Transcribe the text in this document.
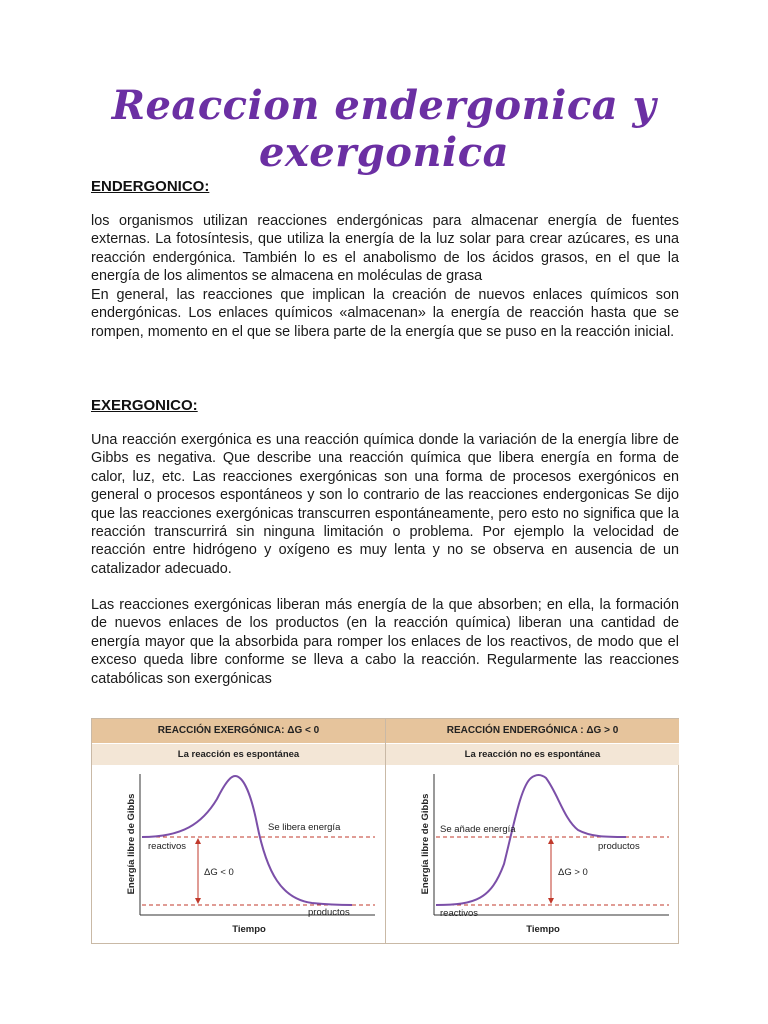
Reaccion endergonica y exergonica
ENDERGONICO:

los organismos utilizan reacciones endergónicas para almacenar energía de fuentes externas. La fotosíntesis, que utiliza la energía de la luz solar para crear azúcares, es una reacción endergónica. También lo es el anabolismo de los ácidos grasos, en el que la energía de los alimentos se almacena en moléculas de grasa

En general, las reacciones que implican la creación de nuevos enlaces químicos son endergónicas. Los enlaces químicos «almacenan» la energía de reacción hasta que se rompen, momento en el que se libera parte de la energía que se puso en la reacción inicial.

EXERGONICO:

Una reacción exergónica es una reacción química donde la variación de la energía libre de Gibbs es negativa. Que describe una reacción química que libera energía en forma de calor, luz, etc. Las reacciones exergónicas son una forma de procesos exergónicos en general o procesos espontáneos y son lo contrario de las reacciones endergonicas Se dijo que las reacciones exergónicas transcurren espontáneamente, pero esto no significa que la reacción transcurrirá sin ninguna limitación o problema. Por ejemplo la velocidad de reacción entre hidrógeno y oxígeno es muy lenta y no se observa en ausencia de un catalizador adecuado.

Las reacciones exergónicas liberan más energía de la que absorben; en ella, la formación de nuevos enlaces de los productos (en la reacción química) liberan una cantidad de energía mayor que la absorbida para romper los enlaces de los reactivos, de modo que el exceso queda libre conforme se lleva a cabo la reacción. Regularmente las reacciones catabólicas son exergónicas

REACCIÓN EXERGÓNICA: ΔG < 0
La reacción es espontánea
reactivos
productos
Se libera energía
ΔG < 0
Tiempo
Energía libre de Gibbs
REACCIÓN ENDERGÓNICA : ΔG > 0
La reacción no es espontánea
reactivos
productos
Se añade energía
ΔG > 0
Tiempo
Energía libre de Gibbs
